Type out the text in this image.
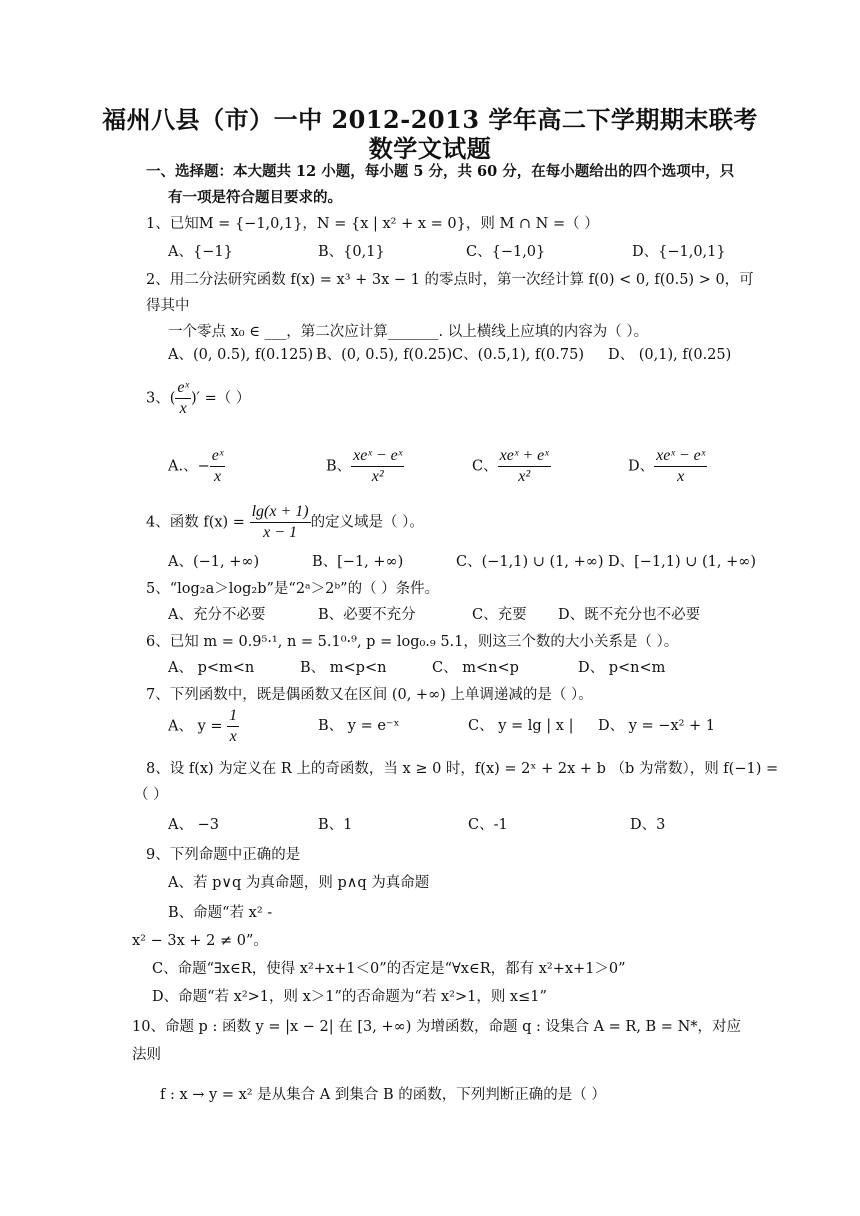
福州八县（市）一中 2012-2013 学年高二下学期期末联考
数学文试题
一、选择题：本大题共 12 小题，每小题 5 分，共 60 分，在每小题给出的四个选项中，只
有一项是符合题目要求的。
1、已知M = {−1,0,1}，N = {x | x² + x = 0}，则 M ∩ N =（ ）
A、{−1}	B、{0,1}	C、{−1,0}	D、{−1,0,1}
2、用二分法研究函数 f(x) = x³ + 3x − 1 的零点时，第一次经计算 f(0) < 0, f(0.5) > 0，可
得其中
一个零点 x₀ ∈ ___，第二次应计算_______. 以上横线上应填的内容为（ ）。
A、(0, 0.5), f(0.125) B、(0, 0.5), f(0.25) C、(0.5,1), f(0.75) D、 (0,1), f(0.25)
3、( $\frac{\text{eˣ}}{x}$ )′ =（ ）
A.、− $\frac{\text{eˣ}}{x}$	B、 $\frac{\text{xeˣ − eˣ}}{\text{x²}}$	C、 $\frac{\text{xeˣ + eˣ}}{\text{x²}}$	D、 $\frac{\text{xeˣ − eˣ}}{x}$
4、函数 $f(x) = \frac{\lg(x + 1)}{x - 1}$ 的定义域是（ ）。
A、(−1, +∞)	B、[−1, +∞)	C、(−1,1) ∪ (1, +∞) D、[−1,1) ∪ (1, +∞)
5、“log₂a＞log₂b”是“2ᵃ＞2ᵇ”的（ ）条件。
A、充分不必要	B、必要不充分	C、充要 D、既不充分也不必要
6、已知 m = 0.9⁵·¹, n = 5.1⁰·⁹, p = log₀.₉ 5.1，则这三个数的大小关系是（ ）。
A、 p<m<n	B、 m<p<n	C、 m<n<p	D、 p<n<m
7、下列函数中，既是偶函数又在区间 (0, +∞) 上单调递减的是（ ）。
A、 $y = \frac{1}{x}$	B、 y = e⁻ˣ	C、 y = lg | x | D、 y = −x² + 1
8、设 f(x) 为定义在 R 上的奇函数，当 x ≥ 0 时，f(x) = 2ˣ + 2x + b （b 为常数），则 f(−1) =
（ ）
A、 −3	B、1	C、-1	D、3
9、下列命题中正确的是
A、若 p∨q 为真命题，则 p∧q 为真命题
B、命题“若 x² -
x² − 3x + 2 ≠ 0”。
C、命题“∃x∈R，使得 x²+x+1＜0”的否定是“∀x∈R，都有 x²+x+1＞0”
D、命题“若 x²>1，则 x＞1”的否命题为“若 x²>1，则 x≤1”
10、命题 p : 函数 y = |x − 2| 在 [3, +∞) 为增函数，命题 q : 设集合 A = R, B = N*，对应
法则
f : x → y = x² 是从集合 A 到集合 B 的函数，下列判断正确的是（ ）
